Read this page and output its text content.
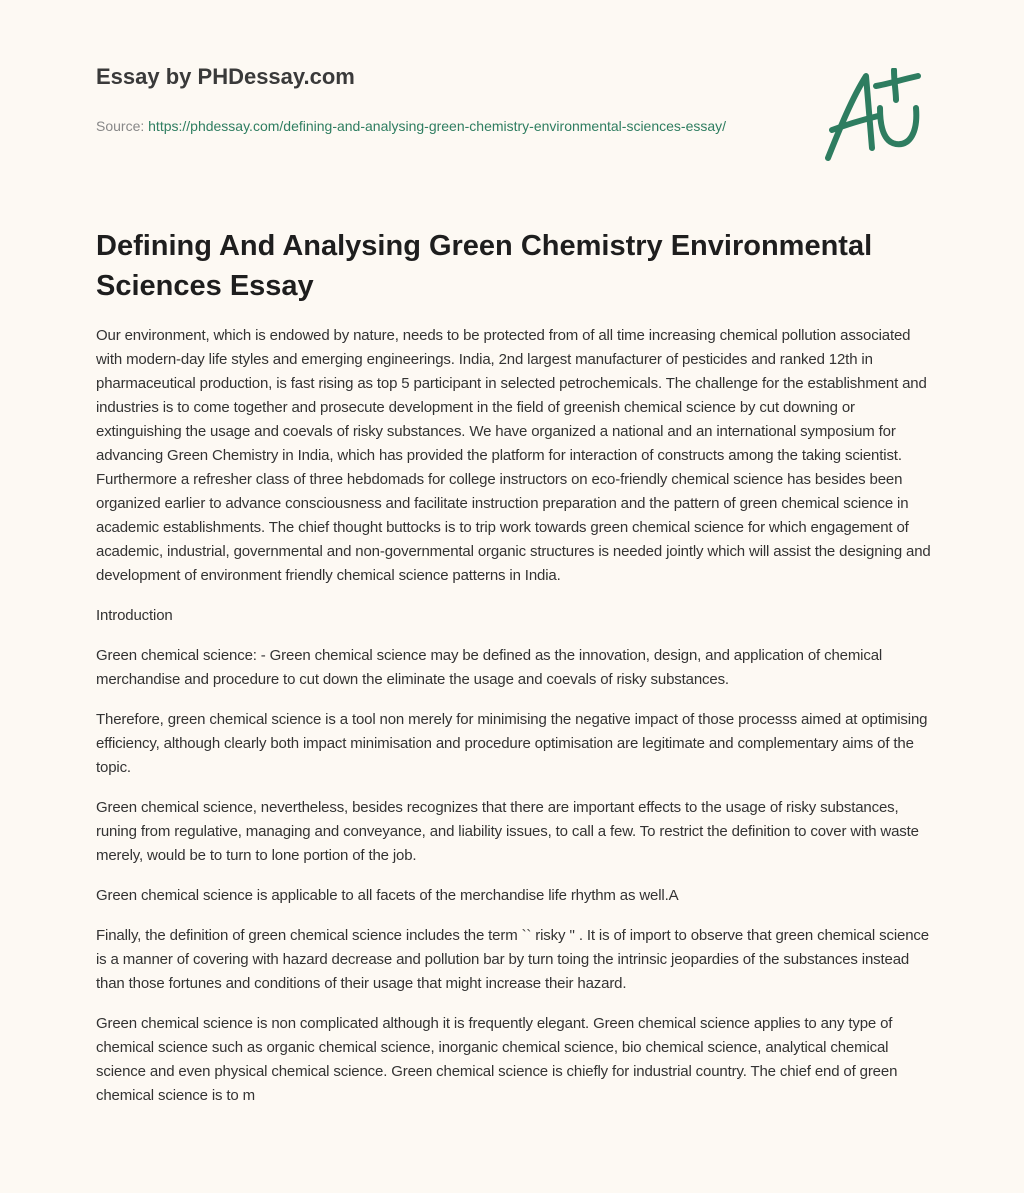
Essay by PHDessay.com
Source: https://phdessay.com/defining-and-analysing-green-chemistry-environmental-sciences-essay/
Defining And Analysing Green Chemistry Environmental Sciences Essay

Our environment, which is endowed by nature, needs to be protected from of all time increasing chemical pollution associated with modern-day life styles and emerging engineerings. India, 2nd largest manufacturer of pesticides and ranked 12th in pharmaceutical production, is fast rising as top 5 participant in selected petrochemicals. The challenge for the establishment and industries is to come together and prosecute development in the field of greenish chemical science by cut downing or extinguishing the usage and coevals of risky substances. We have organized a national and an international symposium for advancing Green Chemistry in India, which has provided the platform for interaction of constructs among the taking scientist. Furthermore a refresher class of three hebdomads for college instructors on eco-friendly chemical science has besides been organized earlier to advance consciousness and facilitate instruction preparation and the pattern of green chemical science in academic establishments. The chief thought buttocks is to trip work towards green chemical science for which engagement of academic, industrial, governmental and non-governmental organic structures is needed jointly which will assist the designing and development of environment friendly chemical science patterns in India.

Introduction

Green chemical science: - Green chemical science may be defined as the innovation, design, and application of chemical merchandise and procedure to cut down the eliminate the usage and coevals of risky substances.

Therefore, green chemical science is a tool non merely for minimising the negative impact of those processs aimed at optimising efficiency, although clearly both impact minimisation and procedure optimisation are legitimate and complementary aims of the topic.

Green chemical science, nevertheless, besides recognizes that there are important effects to the usage of risky substances, runing from regulative, managing and conveyance, and liability issues, to call a few. To restrict the definition to cover with waste merely, would be to turn to lone portion of the job.

Green chemical science is applicable to all facets of the merchandise life rhythm as well.A

Finally, the definition of green chemical science includes the term `` risky '' . It is of import to observe that green chemical science is a manner of covering with hazard decrease and pollution bar by turn toing the intrinsic jeopardies of the substances instead than those fortunes and conditions of their usage that might increase their hazard.

Green chemical science is non complicated although it is frequently elegant. Green chemical science applies to any type of chemical science such as organic chemical science, inorganic chemical science, bio chemical science, analytical chemical science and even physical chemical science. Green chemical science is chiefly for industrial country. The chief end of green chemical science is to m
